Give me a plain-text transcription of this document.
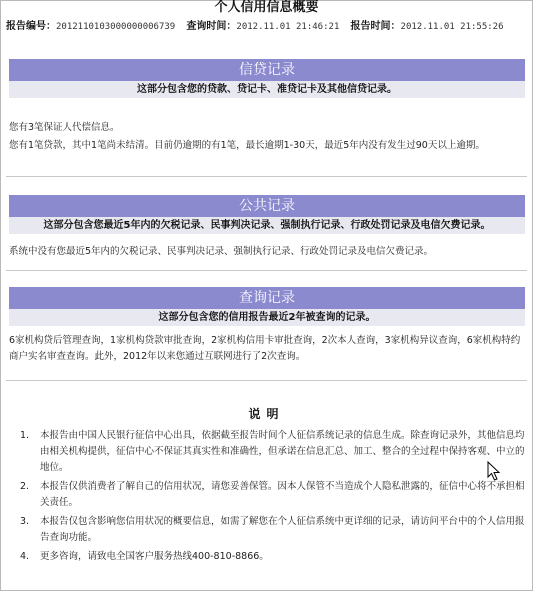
个人信用信息概要
报告编号：2012110103000000006739 查询时间：2012.11.01 21:46:21 报告时间：2012.11.01 21:55:26
信贷记录
这部分包含您的贷款、贷记卡、准贷记卡及其他信贷记录。
您有3笔保证人代偿信息。
您有1笔贷款，其中1笔尚未结清。目前仍逾期的有1笔，最长逾期1-30天，最近5年内没有发生过90天以上逾期。
公共记录
这部分包含您最近5年内的欠税记录、民事判决记录、强制执行记录、行政处罚记录及电信欠费记录。
系统中没有您最近5年内的欠税记录、民事判决记录、强制执行记录、行政处罚记录及电信欠费记录。
查询记录
这部分包含您的信用报告最近2年被查询的记录。
6家机构贷后管理查询，1家机构贷款审批查询，2家机构信用卡审批查询，2次本人查询，3家机构异议查询，6家机构特约商户实名审查查询。此外，2012年以来您通过互联网进行了2次查询。
说明
1. 本报告由中国人民银行征信中心出具，依据截至报告时间个人征信系统记录的信息生成。除查询记录外，其他信息均由相关机构提供，征信中心不保证其真实性和准确性，但承诺在信息汇总、加工、整合的全过程中保持客观、中立的地位。
2. 本报告仅供消费者了解自己的信用状况，请您妥善保管。因本人保管不当造成个人隐私泄露的，征信中心将不承担相关责任。
3. 本报告仅包含影响您信用状况的概要信息，如需了解您在个人征信系统中更详细的记录，请访问平台中的个人信用报告查询功能。
4. 更多咨询，请致电全国客户服务热线400-810-8866。
